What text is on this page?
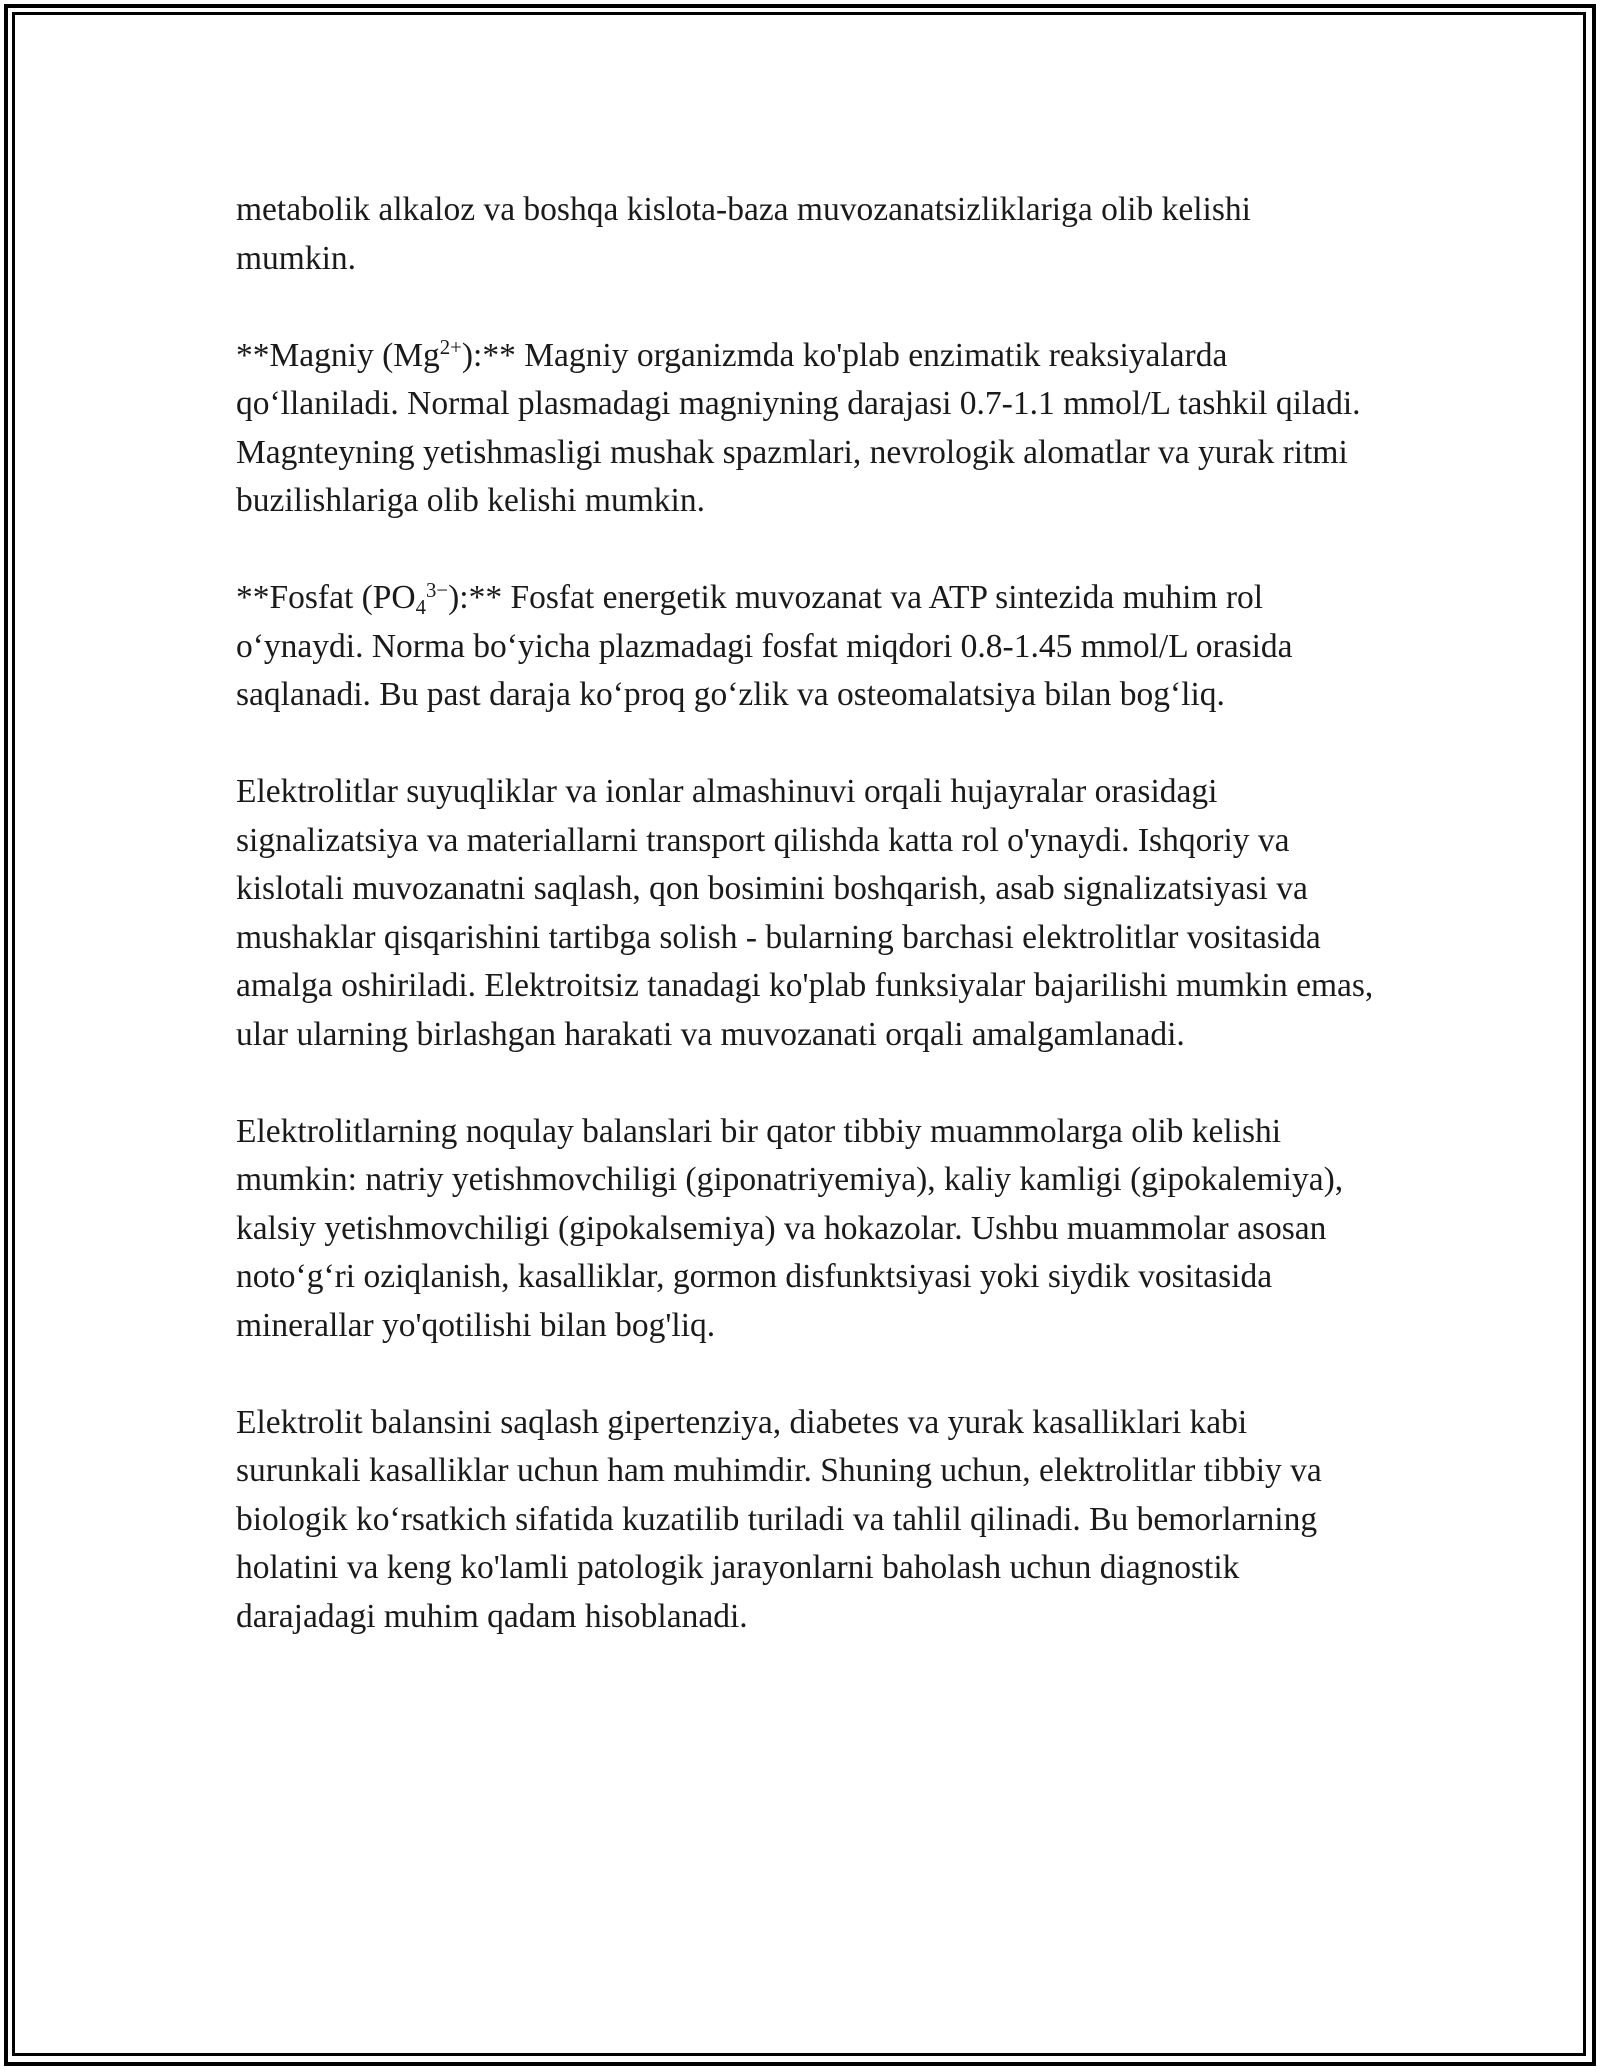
metabolik alkaloz va boshqa kislota-baza muvozanatsizliklariga olib kelishi mumkin.

**Magniy $(Mg^{2+}):**$ Magniy organizmda ko'plab enzimatik reaksiyalarda qo‘llaniladi. Normal plasmadagi magniyning darajasi 0.7-1.1 mmol/L tashkil qiladi. Magnteyning yetishmasligi mushak spazmlari, nevrologik alomatlar va yurak ritmi buzilishlariga olib kelishi mumkin.

**Fosfat $(PO_4^{3-}):**$ Fosfat energetik muvozanat va ATP sintezida muhim rol o‘ynaydi. Norma bo‘yicha plazmadagi fosfat miqdori 0.8-1.45 mmol/L orasida saqlanadi. Bu past daraja ko‘proq go‘zlik va osteomalatsiya bilan bog‘liq.

Elektrolitlar suyuqliklar va ionlar almashinuvi orqali hujayralar orasidagi signalizatsiya va materiallarni transport qilishda katta rol o'ynaydi. Ishqoriy va kislotali muvozanatni saqlash, qon bosimini boshqarish, asab signalizatsiyasi va mushaklar qisqarishini tartibga solish - bularning barchasi elektrolitlar vositasida amalga oshiriladi. Elektroitsiz tanadagi ko'plab funksiyalar bajarilishi mumkin emas, ular ularning birlashgan harakati va muvozanati orqali amalgamlanadi.

Elektrolitlarning noqulay balanslari bir qator tibbiy muammolarga olib kelishi mumkin: natriy yetishmovchiligi (giponatriyemiya), kaliy kamligi (gipokalemiya), kalsiy yetishmovchiligi (gipokalsemiya) va hokazolar. Ushbu muammolar asosan noto‘g‘ri oziqlanish, kasalliklar, gormon disfunktsiyasi yoki siydik vositasida minerallar yo'qotilishi bilan bog'liq.

Elektrolit balansini saqlash gipertenziya, diabetes va yurak kasalliklari kabi surunkali kasalliklar uchun ham muhimdir. Shuning uchun, elektrolitlar tibbiy va biologik ko‘rsatkich sifatida kuzatilib turiladi va tahlil qilinadi. Bu bemorlarning holatini va keng ko'lamli patologik jarayonlarni baholash uchun diagnostik darajadagi muhim qadam hisoblanadi.
